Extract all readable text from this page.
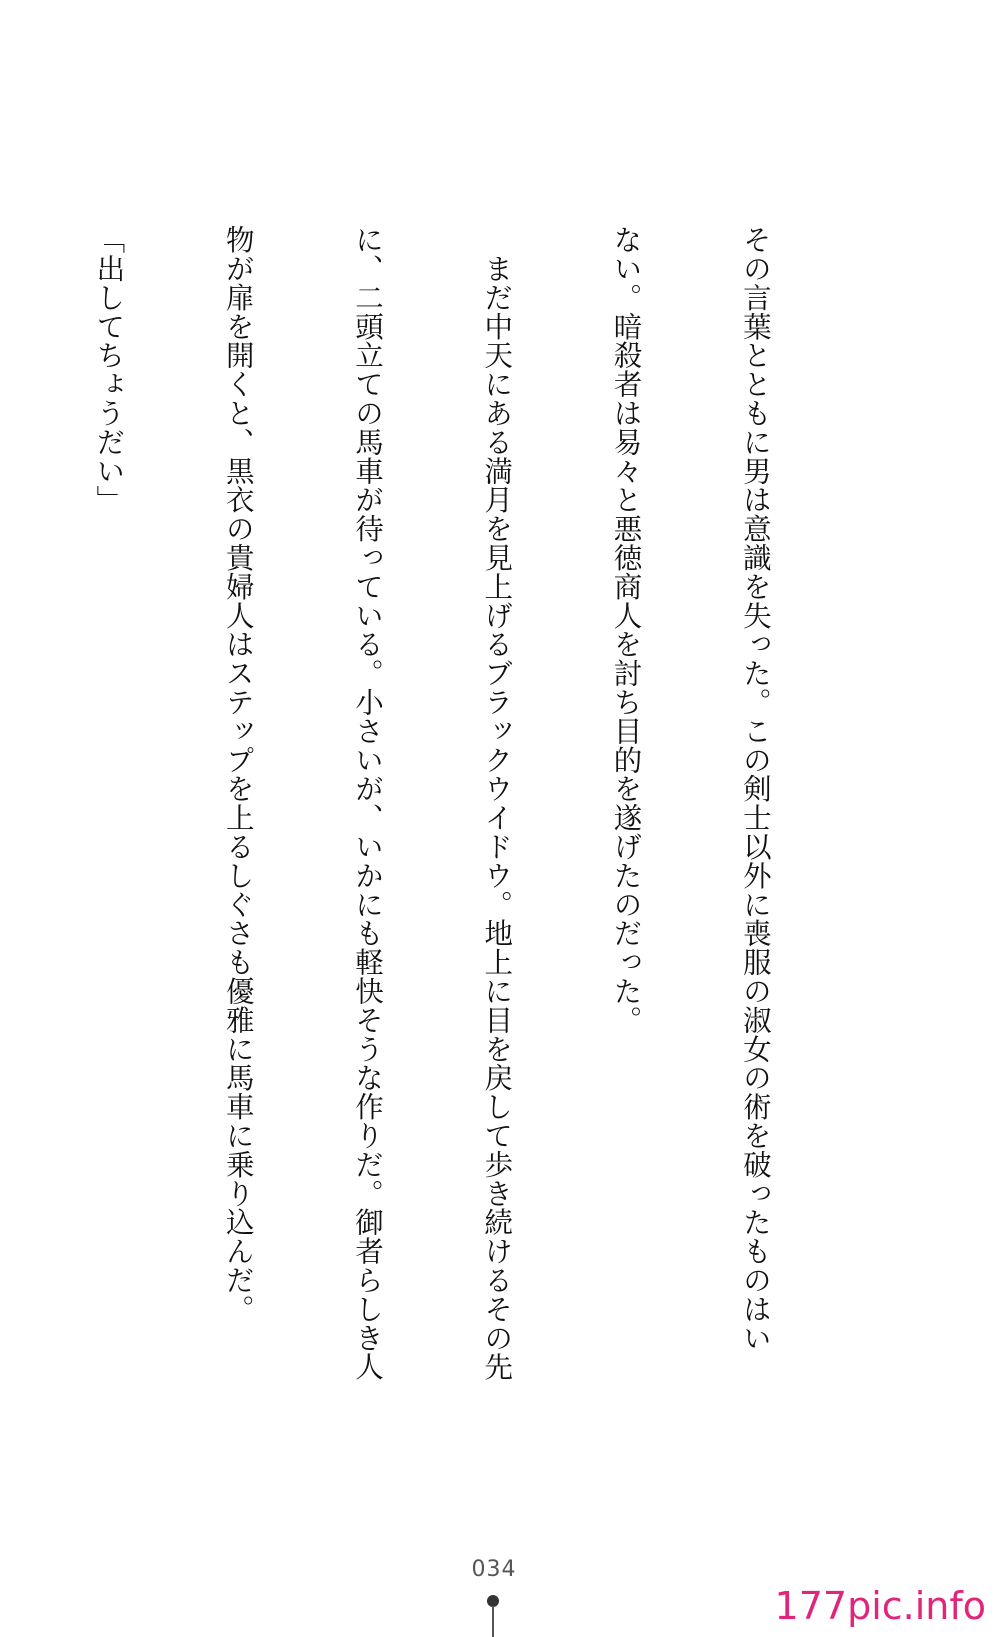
その言葉とともに男は意識を失った。この剣士以外に喪服の淑女の術を破ったものはい

ない。暗殺者は易々と悪徳商人を討ち目的を遂げたのだった。

　まだ中天にある満月を見上げるブラックウイドウ。地上に目を戻して歩き続けるその先

に、二頭立ての馬車が待っている。小さいが、いかにも軽快そうな作りだ。御者らしき人

物が扉を開くと、黒衣の貴婦人はステップを上るしぐさも優雅に馬車に乗り込んだ。

「出してちょうだい」

034
177pic.info
